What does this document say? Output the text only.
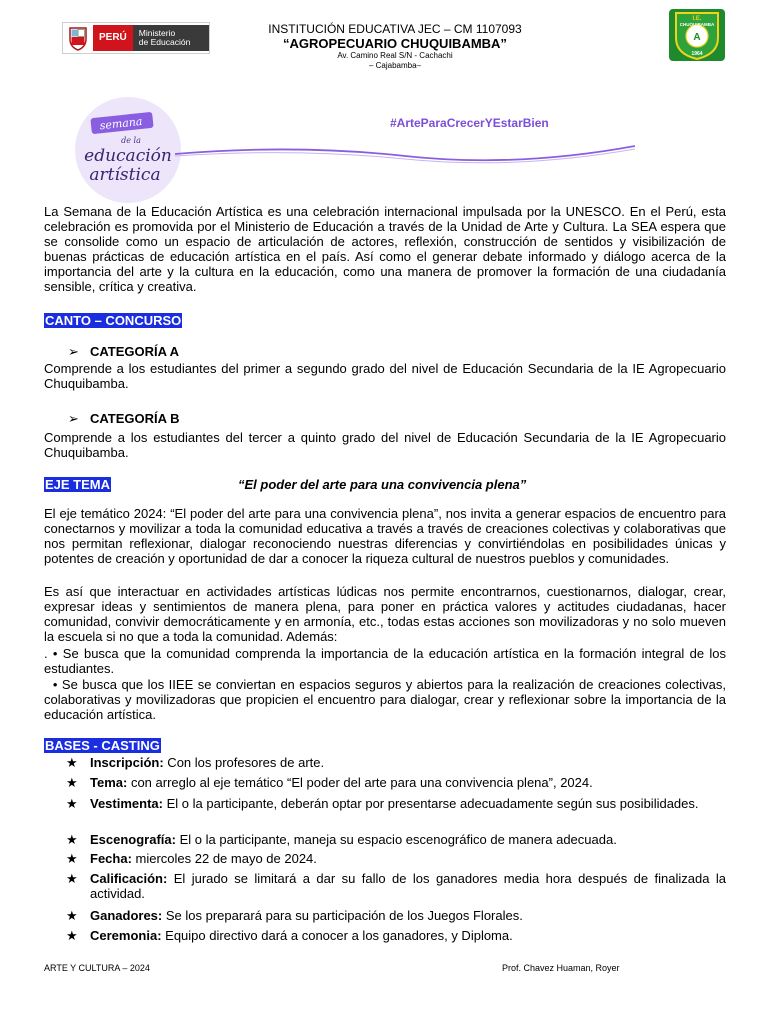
PERÚ	Ministerio
de Educación
INSTITUCIÓN EDUCATIVA JEC – CM 1107093
“AGROPECUARIO CHUQUIBAMBA”
Av. Camino Real S/N - Cachachi
– Cajabamba–
A
I.E.
CHUQUIBAMBA
1964
semana
de la
educación
artística
#ArteParaCrecerYEstarBien
La Semana de la Educación Artística es una celebración internacional impulsada por la UNESCO. En el Perú, esta celebración es promovida por el Ministerio de Educación a través de la Unidad de Arte y Cultura. La SEA espera que se consolide como un espacio de articulación de actores, reflexión, construcción de sentidos y visibilización de buenas prácticas de educación artística en el país. Así como el generar debate informado y diálogo acerca de la importancia del arte y la cultura en la educación, como una manera de promover la formación de una ciudadanía sensible, crítica y creativa.
CANTO – CONCURSO
➢ CATEGORÍA A
Comprende a los estudiantes del primer a segundo grado del nivel de Educación Secundaria de la IE Agropecuario Chuquibamba.
➢ CATEGORÍA B
Comprende a los estudiantes del tercer a quinto grado del nivel de Educación Secundaria de la IE Agropecuario Chuquibamba.
EJE TEMA	“El poder del arte para una convivencia plena”
El eje temático 2024: “El poder del arte para una convivencia plena”, nos invita a generar espacios de encuentro para conectarnos y movilizar a toda la comunidad educativa a través a través de creaciones colectivas y colaborativas que nos permitan reflexionar, dialogar reconociendo nuestras diferencias y convirtiéndolas en posibilidades únicas y potentes de creación y oportunidad de dar a conocer la riqueza cultural de nuestros pueblos y comunidades.
Es así que interactuar en actividades artísticas lúdicas nos permite encontrarnos, cuestionarnos, dialogar, crear, expresar ideas y sentimientos de manera plena, para poner en práctica valores y actitudes ciudadanas, hacer comunidad, convivir democráticamente y en armonía, etc., todas estas acciones son movilizadoras y no solo mueven la escuela si no que a toda la comunidad. Además:
. • Se busca que la comunidad comprenda la importancia de la educación artística en la formación integral de los estudiantes.
• Se busca que los IIEE se conviertan en espacios seguros y abiertos para la realización de creaciones colectivas, colaborativas y movilizadoras que propicien el encuentro para dialogar, crear y reflexionar sobre la importancia de la educación artística.
BASES - CASTING
★ Inscripción: Con los profesores de arte.
★ Tema: con arreglo al eje temático “El poder del arte para una convivencia plena”, 2024.
★ Vestimenta: El o la participante, deberán optar por presentarse adecuadamente según sus posibilidades.
★ Escenografía: El o la participante, maneja su espacio escenográfico de manera adecuada.
★ Fecha: miercoles 22 de mayo de 2024.
★ Calificación: El jurado se limitará a dar su fallo de los ganadores media hora después de finalizada la actividad.
★ Ganadores: Se los preparará para su participación de los Juegos Florales.
★ Ceremonia: Equipo directivo dará a conocer a los ganadores, y Diploma.
ARTE Y CULTURA – 2024	Prof. Chavez Huaman, Royer
